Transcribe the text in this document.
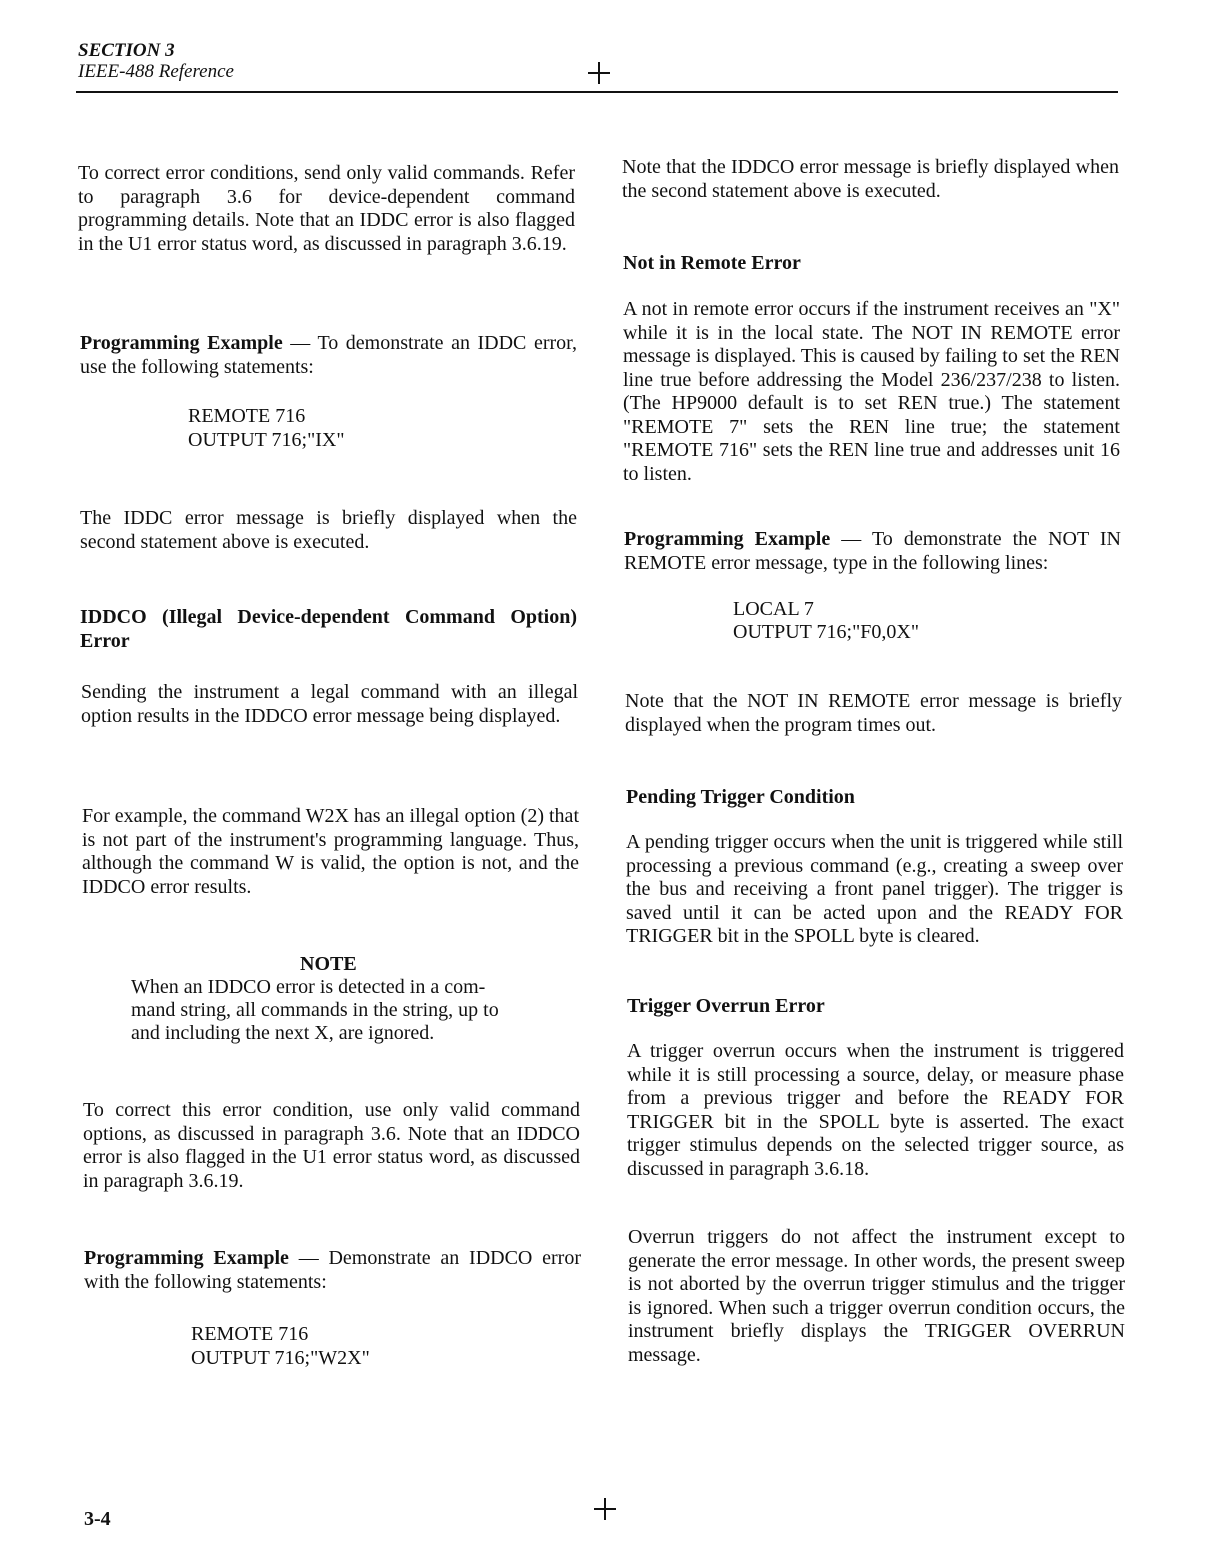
SECTION 3
IEEE-488 Reference

To correct error conditions, send only valid commands. Refer to paragraph 3.6 for device-dependent command programming details. Note that an IDDC error is also flagged in the U1 error status word, as discussed in paragraph 3.6.19.

Programming Example — To demonstrate an IDDC error, use the following statements:

REMOTE 716
OUTPUT 716;"IX"

The IDDC error message is briefly displayed when the second statement above is executed.

IDDCO (Illegal Device-dependent Command Option) Error

Sending the instrument a legal command with an illegal option results in the IDDCO error message being displayed.

For example, the command W2X has an illegal option (2) that is not part of the instrument's programming language. Thus, although the command W is valid, the option is not, and the IDDCO error results.

NOTE
When an IDDCO error is detected in a com-
mand string, all commands in the string, up to
and including the next X, are ignored.

To correct this error condition, use only valid command options, as discussed in paragraph 3.6. Note that an IDDCO error is also flagged in the U1 error status word, as discussed in paragraph 3.6.19.

Programming Example — Demonstrate an IDDCO error with the following statements:

REMOTE 716
OUTPUT 716;"W2X"

Note that the IDDCO error message is briefly displayed when the second statement above is executed.

Not in Remote Error

A not in remote error occurs if the instrument receives an "X" while it is in the local state. The NOT IN REMOTE error message is displayed. This is caused by failing to set the REN line true before addressing the Model 236/237/238 to listen. (The HP9000 default is to set REN true.) The statement "REMOTE 7" sets the REN line true; the statement "REMOTE 716" sets the REN line true and addresses unit 16 to listen.

Programming Example — To demonstrate the NOT IN REMOTE error message, type in the following lines:

LOCAL 7
OUTPUT 716;"F0,0X"

Note that the NOT IN REMOTE error message is briefly displayed when the program times out.

Pending Trigger Condition

A pending trigger occurs when the unit is triggered while still processing a previous command (e.g., creating a sweep over the bus and receiving a front panel trigger). The trigger is saved until it can be acted upon and the READY FOR TRIGGER bit in the SPOLL byte is cleared.

Trigger Overrun Error

A trigger overrun occurs when the instrument is triggered while it is still processing a source, delay, or measure phase from a previous trigger and before the READY FOR TRIGGER bit in the SPOLL byte is asserted. The exact trigger stimulus depends on the selected trigger source, as discussed in paragraph 3.6.18.

Overrun triggers do not affect the instrument except to generate the error message. In other words, the present sweep is not aborted by the overrun trigger stimulus and the trigger is ignored. When such a trigger overrun condition occurs, the instrument briefly displays the TRIGGER OVERRUN message.

3-4
